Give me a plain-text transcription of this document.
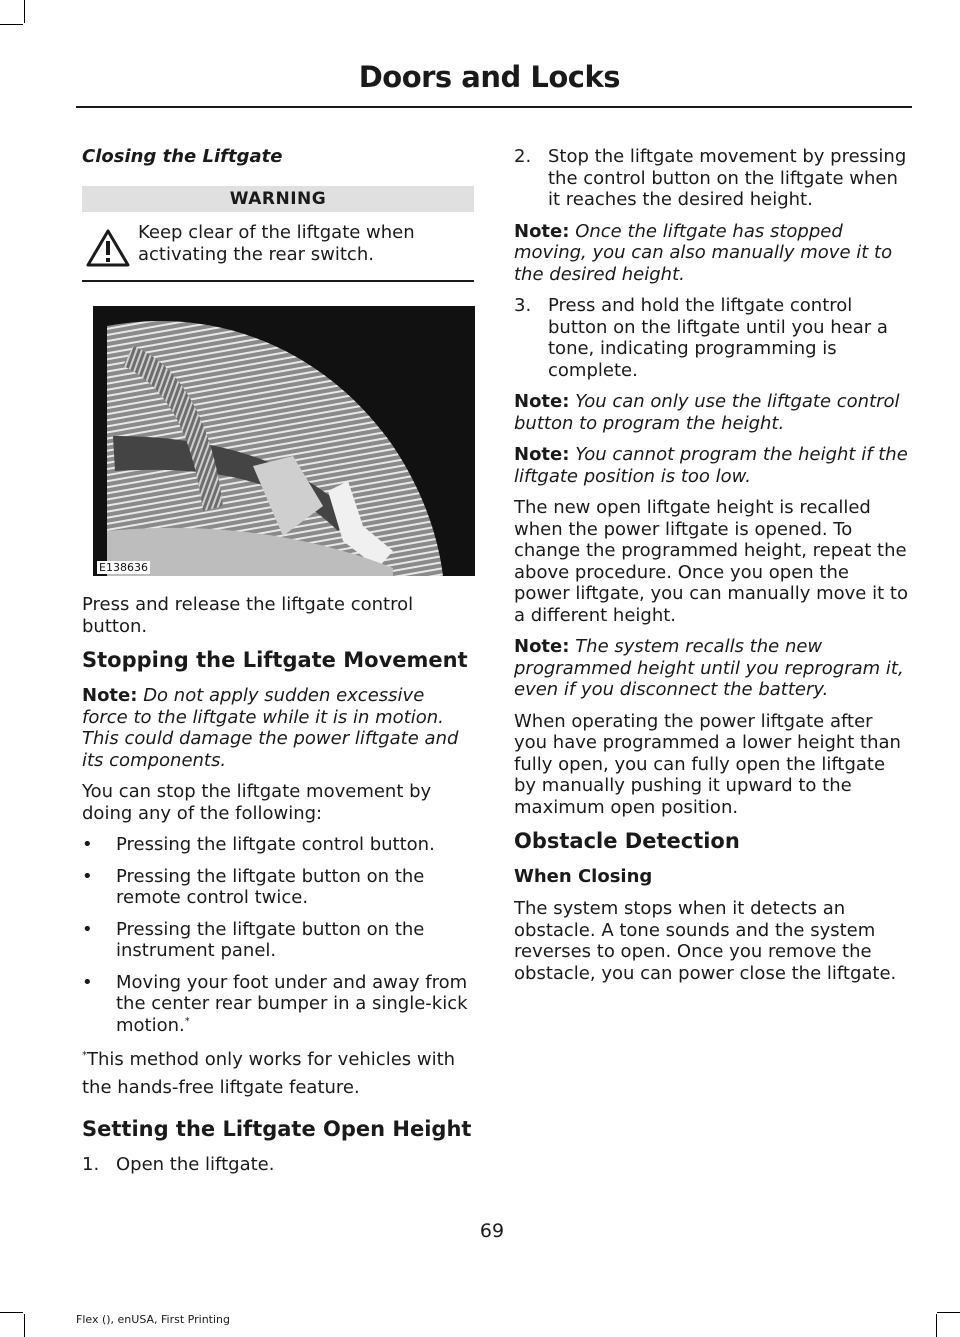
Doors and Locks
Closing the Liftgate
WARNING
Keep clear of the liftgate when activating the rear switch.
E138636

Press and release the liftgate control button.

Stopping the Liftgate Movement

Note: Do not apply sudden excessive force to the liftgate while it is in motion. This could damage the power liftgate and its components.

You can stop the liftgate movement by doing any of the following:

• Pressing the liftgate control button.
• Pressing the liftgate button on the remote control twice.
• Pressing the liftgate button on the instrument panel.
• Moving your foot under and away from the center rear bumper in a single-kick motion.*

*This method only works for vehicles with the hands-free liftgate feature.

Setting the Liftgate Open Height
1. Open the liftgate.
2. Stop the liftgate movement by pressing the control button on the liftgate when it reaches the desired height.

Note: Once the liftgate has stopped moving, you can also manually move it to the desired height.

3. Press and hold the liftgate control button on the liftgate until you hear a tone, indicating programming is complete.

Note: You can only use the liftgate control button to program the height.

Note: You cannot program the height if the liftgate position is too low.

The new open liftgate height is recalled when the power liftgate is opened. To change the programmed height, repeat the above procedure. Once you open the power liftgate, you can manually move it to a different height.

Note: The system recalls the new programmed height until you reprogram it, even if you disconnect the battery.

When operating the power liftgate after you have programmed a lower height than fully open, you can fully open the liftgate by manually pushing it upward to the maximum open position.

Obstacle Detection
When Closing

The system stops when it detects an obstacle. A tone sounds and the system reverses to open. Once you remove the obstacle, you can power close the liftgate.

69
Flex (), enUSA, First Printing
